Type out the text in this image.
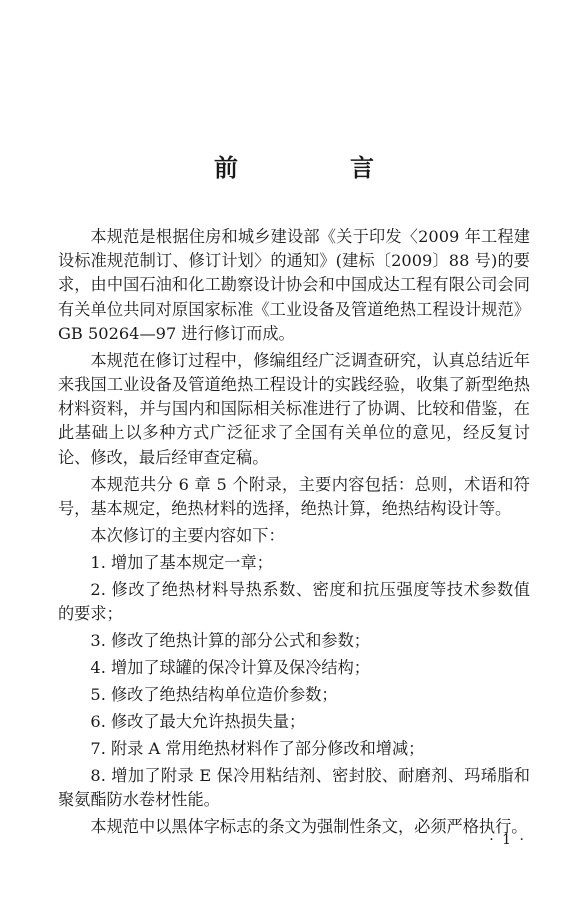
前　言

本规范是根据住房和城乡建设部《关于印发〈2009 年工程建设标准规范制订、修订计划〉的通知》(建标〔2009〕88 号)的要求，由中国石油和化工勘察设计协会和中国成达工程有限公司会同有关单位共同对原国家标准《工业设备及管道绝热工程设计规范》GB 50264—97 进行修订而成。

本规范在修订过程中，修编组经广泛调查研究，认真总结近年来我国工业设备及管道绝热工程设计的实践经验，收集了新型绝热材料资料，并与国内和国际相关标准进行了协调、比较和借鉴，在此基础上以多种方式广泛征求了全国有关单位的意见，经反复讨论、修改，最后经审查定稿。

本规范共分 6 章 5 个附录，主要内容包括：总则，术语和符号，基本规定，绝热材料的选择，绝热计算，绝热结构设计等。

本次修订的主要内容如下：

1. 增加了基本规定一章；

2. 修改了绝热材料导热系数、密度和抗压强度等技术参数值的要求；

3. 修改了绝热计算的部分公式和参数；

4. 增加了球罐的保冷计算及保冷结构；

5. 修改了绝热结构单位造价参数；

6. 修改了最大允许热损失量；

7. 附录 A 常用绝热材料作了部分修改和增减；

8. 增加了附录 E 保冷用粘结剂、密封胶、耐磨剂、玛琋脂和聚氨酯防水卷材性能。

本规范中以黑体字标志的条文为强制性条文，必须严格执行。

· 1 ·
